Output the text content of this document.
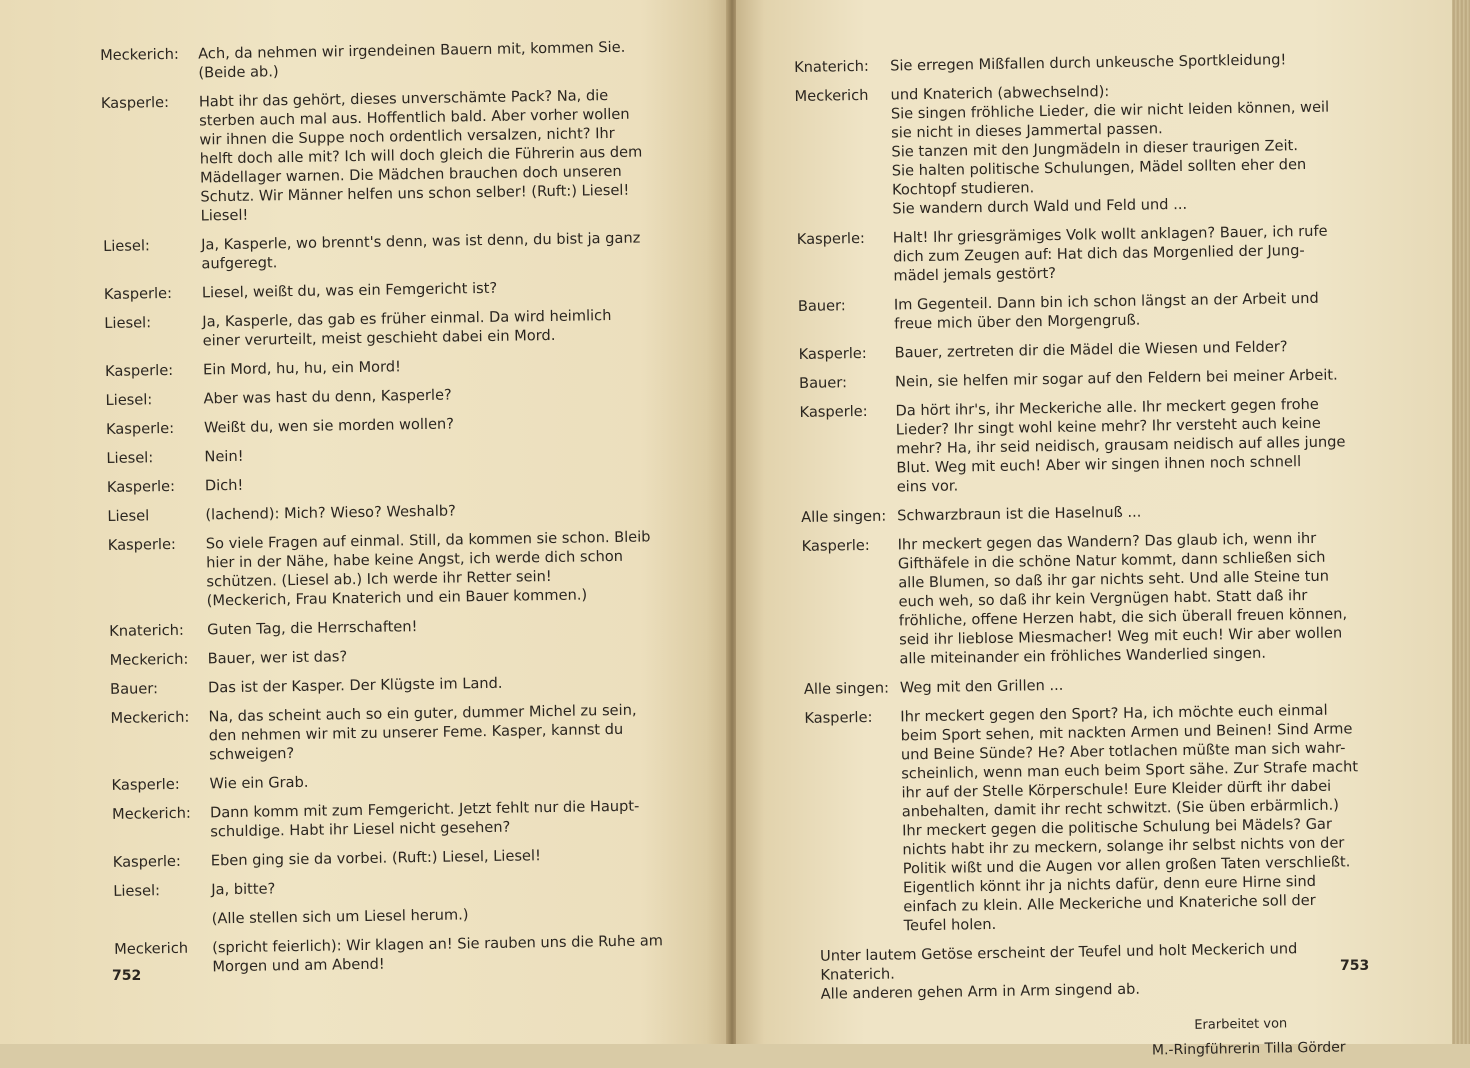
Meckerich:	Ach, da nehmen wir irgendeinen Bauern mit, kommen Sie.
(Beide ab.)
Kasperle:	Habt ihr das gehört, dieses unverschämte Pack? Na, die
sterben auch mal aus. Hoffentlich bald. Aber vorher wollen
wir ihnen die Suppe noch ordentlich versalzen, nicht? Ihr
helft doch alle mit? Ich will doch gleich die Führerin aus dem
Mädellager warnen. Die Mädchen brauchen doch unseren
Schutz. Wir Männer helfen uns schon selber! (Ruft:) Liesel!
Liesel!
Liesel:	Ja, Kasperle, wo brennt's denn, was ist denn, du bist ja ganz
aufgeregt.
Kasperle:	Liesel, weißt du, was ein Femgericht ist?
Liesel:	Ja, Kasperle, das gab es früher einmal. Da wird heimlich
einer verurteilt, meist geschieht dabei ein Mord.
Kasperle:	Ein Mord, hu, hu, ein Mord!
Liesel:	Aber was hast du denn, Kasperle?
Kasperle:	Weißt du, wen sie morden wollen?
Liesel:	Nein!
Kasperle:	Dich!
Liesel	(lachend): Mich? Wieso? Weshalb?
Kasperle:	So viele Fragen auf einmal. Still, da kommen sie schon. Bleib
hier in der Nähe, habe keine Angst, ich werde dich schon
schützen. (Liesel ab.) Ich werde ihr Retter sein!
(Meckerich, Frau Knaterich und ein Bauer kommen.)
Knaterich:	Guten Tag, die Herrschaften!
Meckerich:	Bauer, wer ist das?
Bauer:	Das ist der Kasper. Der Klügste im Land.
Meckerich:	Na, das scheint auch so ein guter, dummer Michel zu sein,
den nehmen wir mit zu unserer Feme. Kasper, kannst du
schweigen?
Kasperle:	Wie ein Grab.
Meckerich:	Dann komm mit zum Femgericht. Jetzt fehlt nur die Haupt-
schuldige. Habt ihr Liesel nicht gesehen?
Kasperle:	Eben ging sie da vorbei. (Ruft:) Liesel, Liesel!
Liesel:	Ja, bitte?
(Alle stellen sich um Liesel herum.)
Meckerich	(spricht feierlich): Wir klagen an! Sie rauben uns die Ruhe am
Morgen und am Abend!
752
Knaterich:	Sie erregen Mißfallen durch unkeusche Sportkleidung!
Meckerich	und Knaterich (abwechselnd):
Sie singen fröhliche Lieder, die wir nicht leiden können, weil
sie nicht in dieses Jammertal passen.
Sie tanzen mit den Jungmädeln in dieser traurigen Zeit.
Sie halten politische Schulungen, Mädel sollten eher den
Kochtopf studieren.
Sie wandern durch Wald und Feld und ...
Kasperle:	Halt! Ihr griesgrämiges Volk wollt anklagen? Bauer, ich rufe
dich zum Zeugen auf: Hat dich das Morgenlied der Jung-
mädel jemals gestört?
Bauer:	Im Gegenteil. Dann bin ich schon längst an der Arbeit und
freue mich über den Morgengruß.
Kasperle:	Bauer, zertreten dir die Mädel die Wiesen und Felder?
Bauer:	Nein, sie helfen mir sogar auf den Feldern bei meiner Arbeit.
Kasperle:	Da hört ihr's, ihr Meckeriche alle. Ihr meckert gegen frohe
Lieder? Ihr singt wohl keine mehr? Ihr versteht auch keine
mehr? Ha, ihr seid neidisch, grausam neidisch auf alles junge
Blut. Weg mit euch! Aber wir singen ihnen noch schnell
eins vor.
Alle singen: Schwarzbraun ist die Haselnuß ...
Kasperle:	Ihr meckert gegen das Wandern? Das glaub ich, wenn ihr
Gifthäfele in die schöne Natur kommt, dann schließen sich
alle Blumen, so daß ihr gar nichts seht. Und alle Steine tun
euch weh, so daß ihr kein Vergnügen habt. Statt daß ihr
fröhliche, offene Herzen habt, die sich überall freuen können,
seid ihr lieblose Miesmacher! Weg mit euch! Wir aber wollen
alle miteinander ein fröhliches Wanderlied singen.
Alle singen: Weg mit den Grillen ...
Kasperle:	Ihr meckert gegen den Sport? Ha, ich möchte euch einmal
beim Sport sehen, mit nackten Armen und Beinen! Sind Arme
und Beine Sünde? He? Aber totlachen müßte man sich wahr-
scheinlich, wenn man euch beim Sport sähe. Zur Strafe macht
ihr auf der Stelle Körperschule! Eure Kleider dürft ihr dabei
anbehalten, damit ihr recht schwitzt. (Sie üben erbärmlich.)
Ihr meckert gegen die politische Schulung bei Mädels? Gar
nichts habt ihr zu meckern, solange ihr selbst nichts von der
Politik wißt und die Augen vor allen großen Taten verschließt.
Eigentlich könnt ihr ja nichts dafür, denn eure Hirne sind
einfach zu klein. Alle Meckeriche und Knateriche soll der
Teufel holen.
Unter lautem Getöse erscheint der Teufel und holt Meckerich und Knaterich.
Alle anderen gehen Arm in Arm singend ab.
Erarbeitet von
M.-Ringführerin Tilla Görder
753
